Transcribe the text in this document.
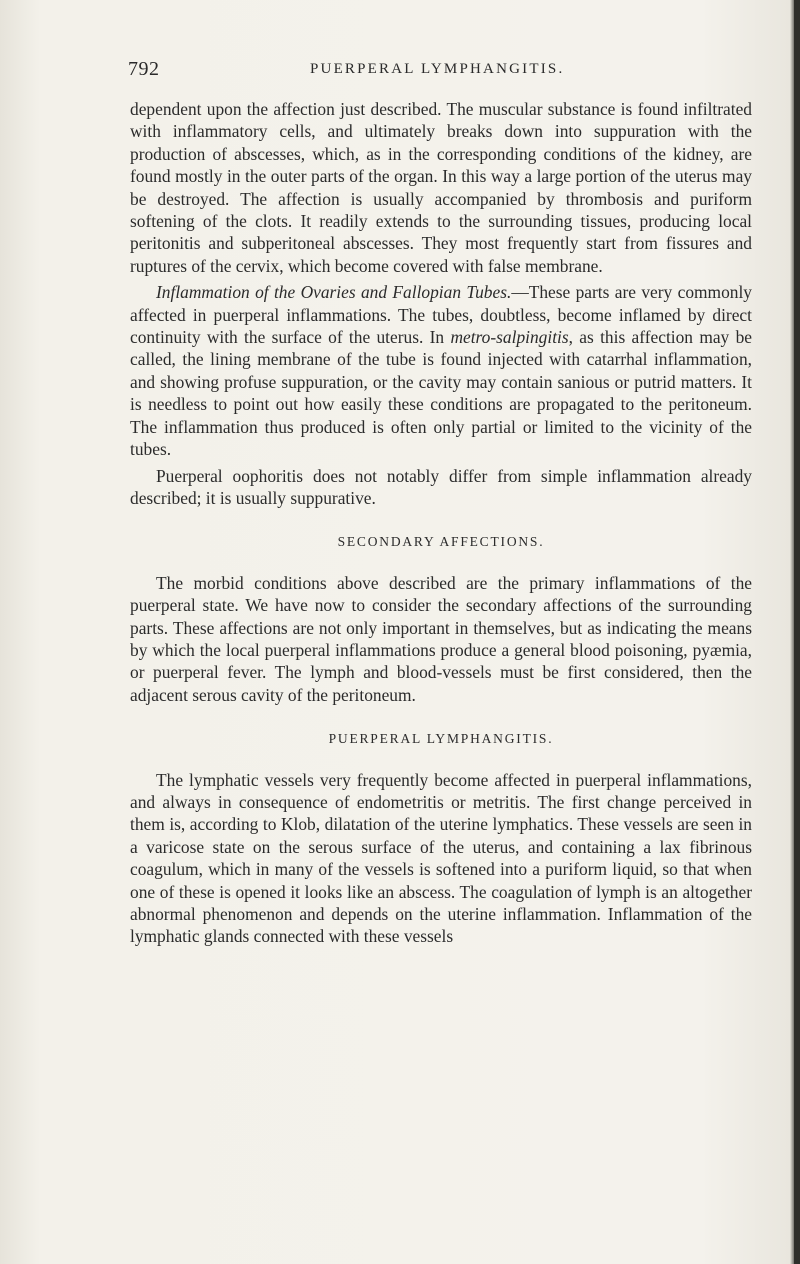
792	PUERPERAL LYMPHANGITIS.

dependent upon the affection just described. The muscular substance is found infiltrated with inflammatory cells, and ultimately breaks down into suppuration with the production of abscesses, which, as in the corresponding conditions of the kidney, are found mostly in the outer parts of the organ. In this way a large portion of the uterus may be destroyed. The affection is usually accompanied by thrombosis and puriform softening of the clots. It readily extends to the surrounding tissues, producing local peritonitis and subperitoneal abscesses. They most frequently start from fissures and ruptures of the cervix, which become covered with false membrane.

Inflammation of the Ovaries and Fallopian Tubes.—These parts are very commonly affected in puerperal inflammations. The tubes, doubtless, become inflamed by direct continuity with the surface of the uterus. In metro-salpingitis, as this affection may be called, the lining membrane of the tube is found injected with catarrhal inflammation, and showing profuse suppuration, or the cavity may contain sanious or putrid matters. It is needless to point out how easily these conditions are propagated to the peritoneum. The inflammation thus produced is often only partial or limited to the vicinity of the tubes.

Puerperal oophoritis does not notably differ from simple inflammation already described; it is usually suppurative.

SECONDARY AFFECTIONS.

The morbid conditions above described are the primary inflammations of the puerperal state. We have now to consider the secondary affections of the surrounding parts. These affections are not only important in themselves, but as indicating the means by which the local puerperal inflammations produce a general blood poisoning, pyæmia, or puerperal fever. The lymph and blood-vessels must be first considered, then the adjacent serous cavity of the peritoneum.

PUERPERAL LYMPHANGITIS.

The lymphatic vessels very frequently become affected in puerperal inflammations, and always in consequence of endometritis or metritis. The first change perceived in them is, according to Klob, dilatation of the uterine lymphatics. These vessels are seen in a varicose state on the serous surface of the uterus, and containing a lax fibrinous coagulum, which in many of the vessels is softened into a puriform liquid, so that when one of these is opened it looks like an abscess. The coagulation of lymph is an altogether abnormal phenomenon and depends on the uterine inflammation. Inflammation of the lymphatic glands connected with these vessels
